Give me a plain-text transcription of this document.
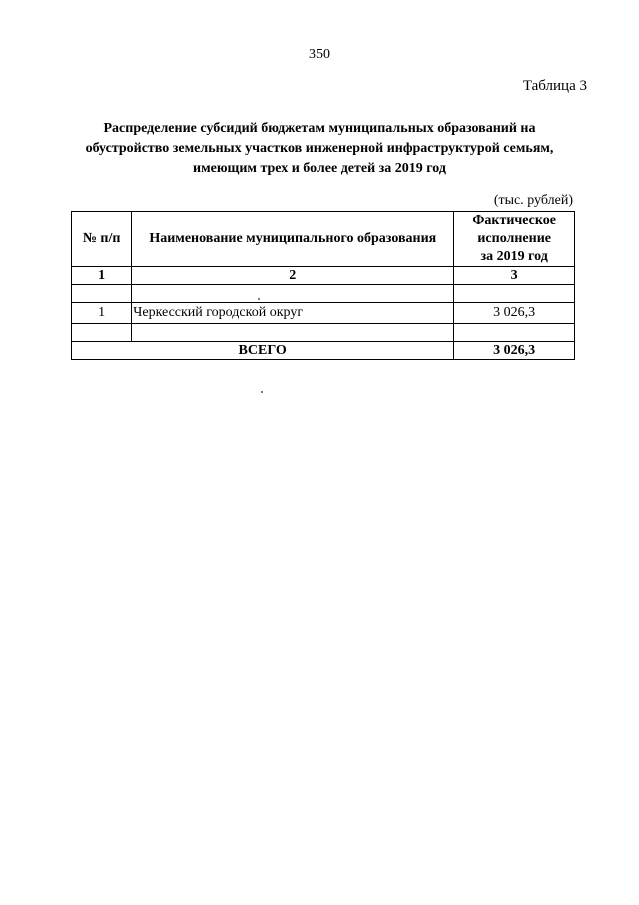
350
Таблица 3
Распределение субсидий бюджетам муниципальных образований на
обустройство земельных участков инженерной инфраструктурой семьям,
имеющим трех и более детей за 2019 год
(тыс. рублей)
№ п/п	Наименование муниципального образования	Фактическое
исполнение
за 2019 год

1	2	3

1	Черкесский городской округ	3 026,3

ВСЕГО		3 026,3
